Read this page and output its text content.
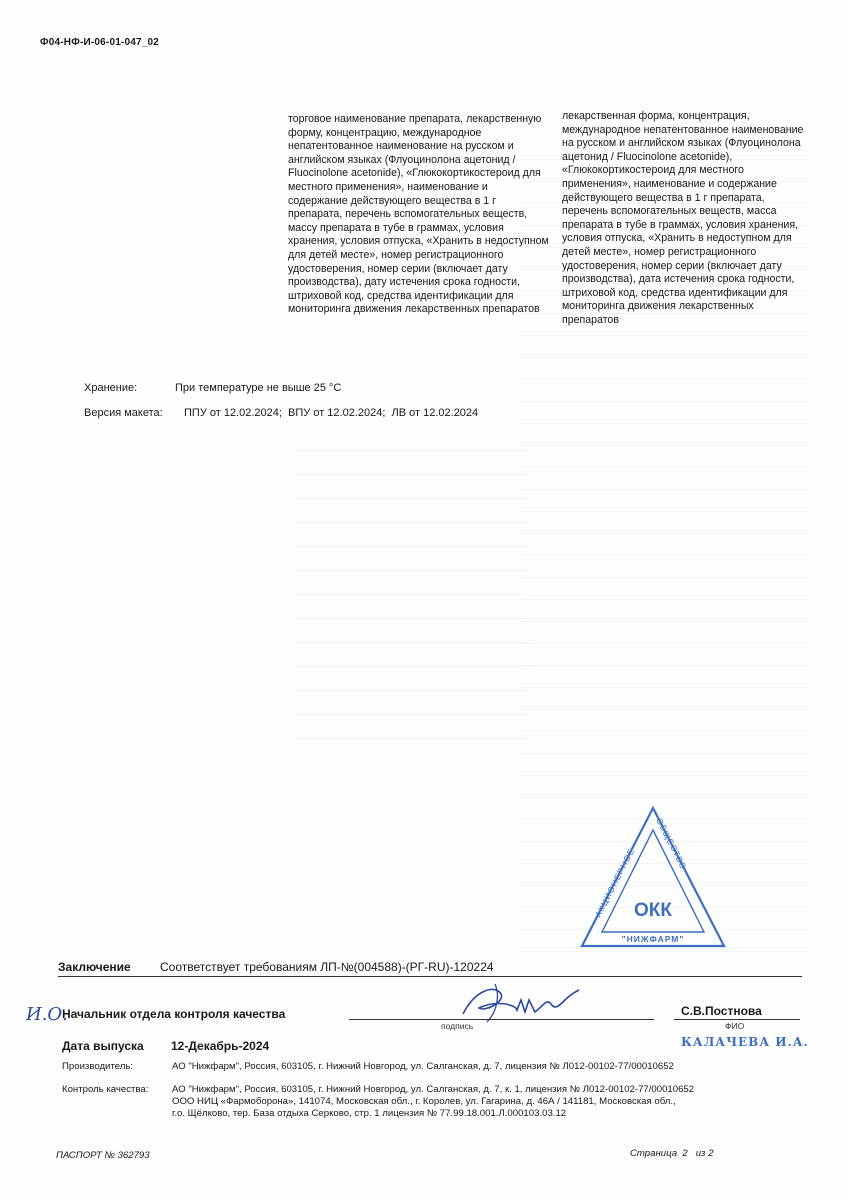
Ф04-НФ-И-06-01-047_02
торговое наименование препарата, лекарственную форму, концентрацию, международное непатентованное наименование на русском и английском языках (Флуоцинолона ацетонид / Fluocinolone acetonide), «Глюкокортикостероид для местного применения», наименование и содержание действующего вещества в 1 г препарата, перечень вспомогательных веществ, массу препарата в тубе в граммах, условия хранения, условия отпуска, «Хранить в недоступном для детей месте», номер регистрационного удостоверения, номер серии (включает дату производства), дату истечения срока годности, штриховой код, средства идентификации для мониторинга движения лекарственных препаратов
лекарственная форма, концентрация, международное непатентованное наименование на русском и английском языках (Флуоцинолона ацетонид / Fluocinolone acetonide), «Глюкокортикостероид для местного применения», наименование и содержание действующего вещества в 1 г препарата, перечень вспомогательных веществ, масса препарата в тубе в граммах, условия хранения, условия отпуска, «Хранить в недоступном для детей месте», номер регистрационного удостоверения, номер серии (включает дату производства), дата истечения срока годности, штриховой код, средства идентификации для мониторинга движения лекарственных препаратов
Хранение:	При температуре не выше 25 °С
Версия макета: ППУ от 12.02.2024;  ВПУ от 12.02.2024;  ЛВ от 12.02.2024
АКЦИОНЕРНОЕ
ОБЩЕСТВО
ОКК
"НИЖФАРМ"
Заключение Соответствует требованиям ЛП-№(004588)-(РГ-RU)-120224
И.О.
Начальник отдела контроля качества
подпись
С.В.Постнова
ФИО
КАЛАЧЕВА И.А.
Дата выпуска 12-Декабрь-2024
Производитель:	АО "Нижфарм", Россия, 603105, г. Нижний Новгород, ул. Салганская, д. 7, лицензия № Л012-00102-77/00010652
Контроль качества: АО "Нижфарм", Россия, 603105, г. Нижний Новгород, ул. Салганская, д. 7, к. 1, лицензия № Л012-00102-77/00010652
ООО НИЦ «Фармоборона», 141074, Московская обл., г. Королев, ул. Гагарина, д. 46А / 141181, Московская обл.,
г.о. Щёлково, тер. База отдыха Серково, стр. 1 лицензия № 77.99.18.001.Л.000103.03.12
ПАСПОРТ № 362793	Страница  2   из 2
